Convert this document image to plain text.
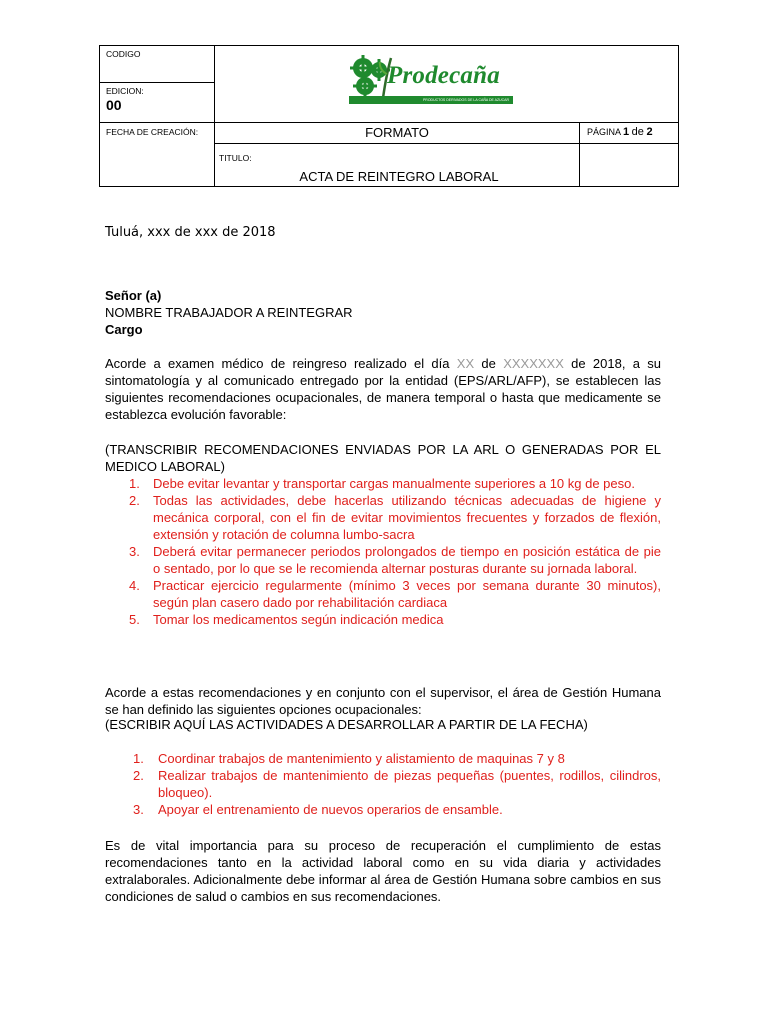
CODIGO
EDICION:
00
Prodecaña
PRODUCTOS DERIVADOS DE LA CAÑA DE AZUCAR
FECHA DE CREACIÓN:	FORMATO	PÁGINA 1 de 2
TITULO:
ACTA DE REINTEGRO LABORAL
Tuluá, xxx de xxx de 2018
Señor (a)
NOMBRE TRABAJADOR A REINTEGRAR
Cargo
Acorde a examen médico de reingreso realizado el día XX de XXXXXXX de 2018, a su sintomatología y al comunicado entregado por la entidad (EPS/ARL/AFP), se establecen las siguientes recomendaciones ocupacionales, de manera temporal o hasta que medicamente se establezca evolución favorable:
(TRANSCRIBIR RECOMENDACIONES ENVIADAS POR LA ARL O GENERADAS POR EL MEDICO LABORAL)
1. Debe evitar levantar y transportar cargas manualmente superiores a 10 kg de peso.
2. Todas las actividades, debe hacerlas utilizando técnicas adecuadas de higiene y mecánica corporal, con el fin de evitar movimientos frecuentes y forzados de flexión, extensión y rotación de columna lumbo-sacra
3. Deberá evitar permanecer periodos prolongados de tiempo en posición estática de pie o sentado, por lo que se le recomienda alternar posturas durante su jornada laboral.
4. Practicar ejercicio regularmente (mínimo 3 veces por semana durante 30 minutos), según plan casero dado por rehabilitación cardiaca
5. Tomar los medicamentos según indicación medica
Acorde a estas recomendaciones y en conjunto con el supervisor, el área de Gestión Humana se han definido las siguientes opciones ocupacionales:
(ESCRIBIR AQUÍ LAS ACTIVIDADES A DESARROLLAR A PARTIR DE LA FECHA)
1. Coordinar trabajos de mantenimiento y alistamiento de maquinas 7 y 8
2. Realizar trabajos de mantenimiento de piezas pequeñas (puentes, rodillos, cilindros, bloqueo).
3. Apoyar el entrenamiento de nuevos operarios de ensamble.
Es de vital importancia para su proceso de recuperación el cumplimiento de estas recomendaciones tanto en la actividad laboral como en su vida diaria y actividades extralaborales. Adicionalmente debe informar al área de Gestión Humana sobre cambios en sus condiciones de salud o cambios en sus recomendaciones.
